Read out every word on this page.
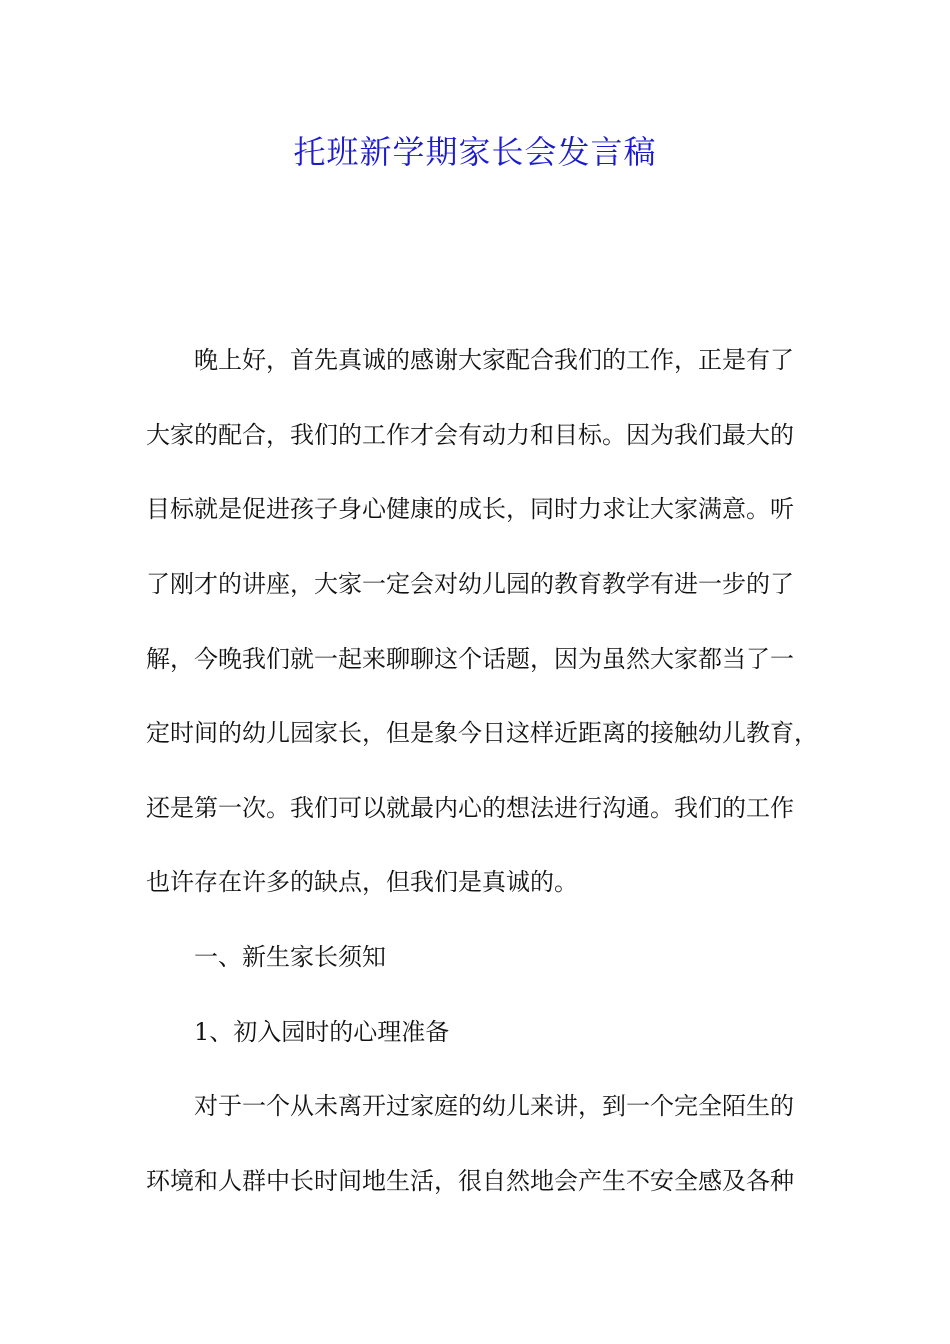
托班新学期家长会发言稿
晚上好，首先真诚的感谢大家配合我们的工作，正是有了
大家的配合，我们的工作才会有动力和目标。因为我们最大的
目标就是促进孩子身心健康的成长，同时力求让大家满意。听
了刚才的讲座，大家一定会对幼儿园的教育教学有进一步的了
解，今晚我们就一起来聊聊这个话题，因为虽然大家都当了一
定时间的幼儿园家长，但是象今日这样近距离的接触幼儿教育，
还是第一次。我们可以就最内心的想法进行沟通。我们的工作
也许存在许多的缺点，但我们是真诚的。
一、新生家长须知
1、初入园时的心理准备
对于一个从未离开过家庭的幼儿来讲，到一个完全陌生的
环境和人群中长时间地生活，很自然地会产生不安全感及各种
